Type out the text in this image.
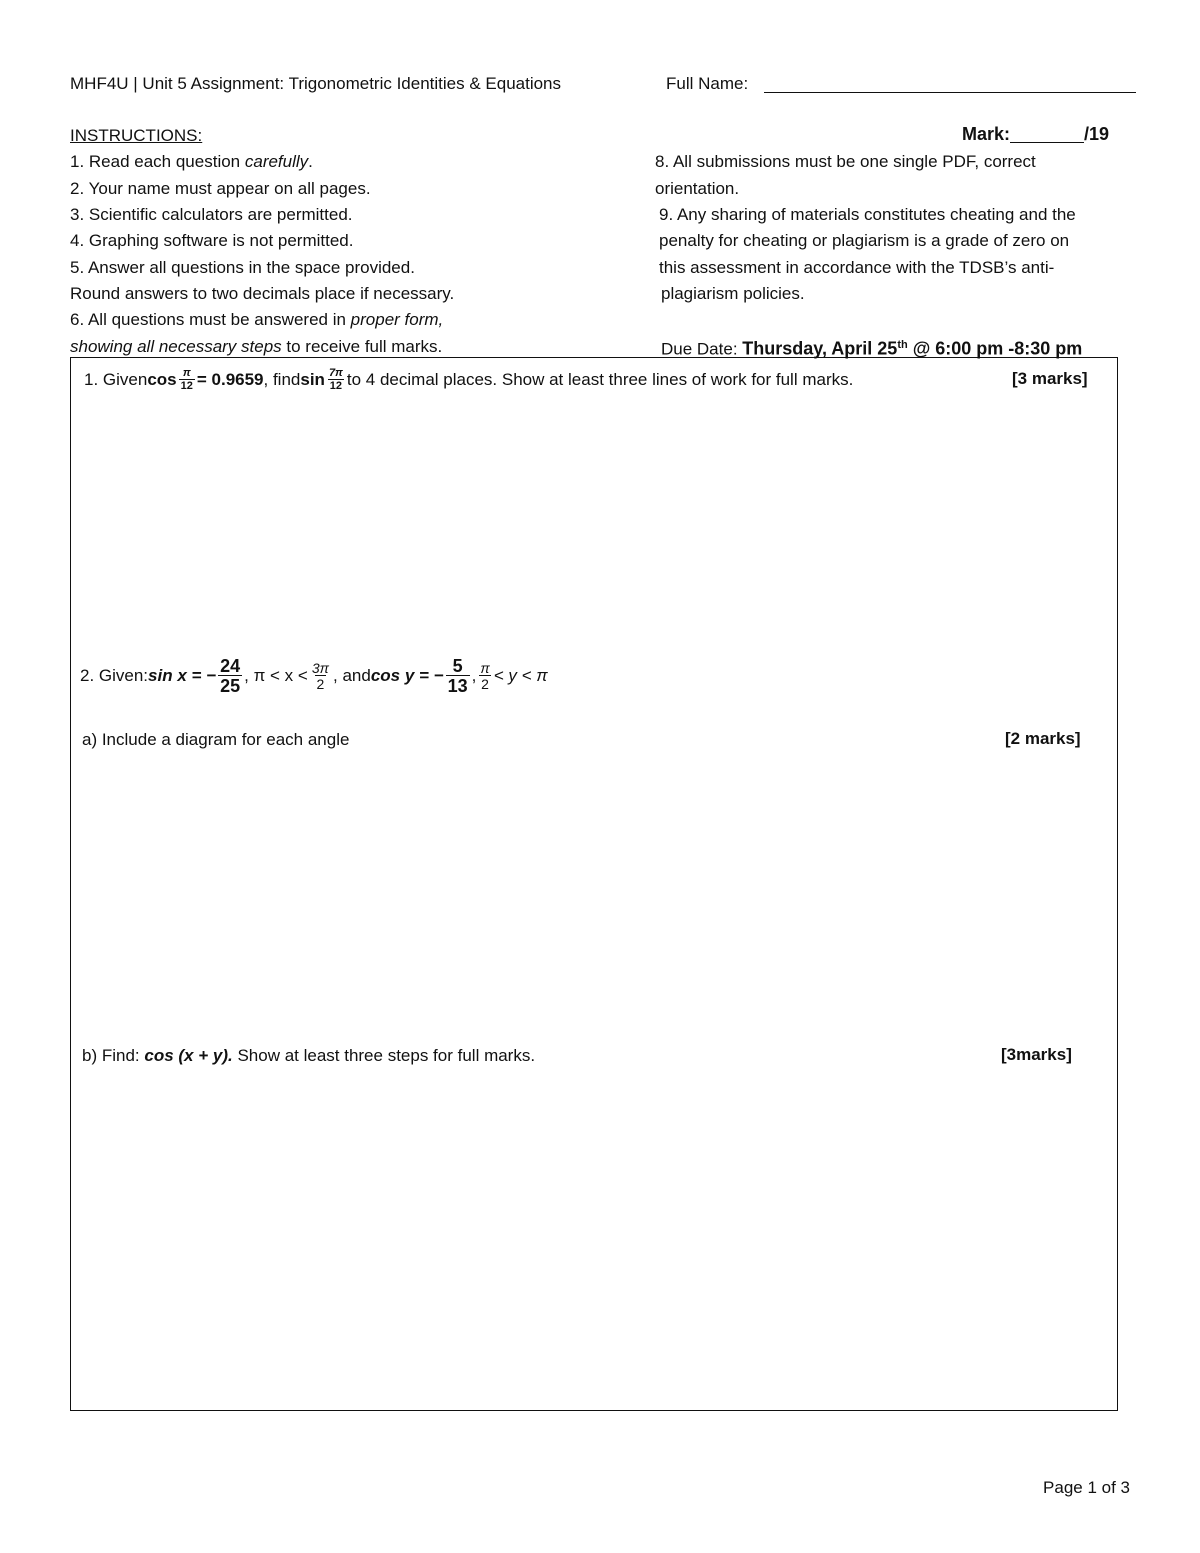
MHF4U | Unit 5 Assignment: Trigonometric Identities & Equations	Full Name:
INSTRUCTIONS:	Mark:	/19
1. Read each question carefully.
2. Your name must appear on all pages.
3. Scientific calculators are permitted.
4. Graphing software is not permitted.
5. Answer all questions in the space provided.
Round answers to two decimals place if necessary.
6. All questions must be answered in proper form,
showing all necessary steps to receive full marks.
8. All submissions must be one single PDF, correct
orientation.
9. Any sharing of materials constitutes cheating and the
penalty for cheating or plagiarism is a grade of zero on
this assessment in accordance with the TDSB’s anti-
plagiarism policies.
Due Date: Thursday, April 25th @ 6:00 pm -8:30 pm
1. Given $\cos \frac{\pi}{12} = 0.9659$ , find $\sin \frac{7\pi}{12}$ to 4 decimal places. Show at least three lines of work for full marks.	[3 marks]
2. Given: sin x = − $\frac{24}{25}$ , $\pi < x < \frac{3\pi}{2}$ , and cos y = − $\frac{5}{13}$ , $\frac{\pi}{2} < y < \pi$
a) Include a diagram for each angle	[2 marks]
b) Find: cos (x + y). Show at least three steps for full marks.	[3marks]
Page 1 of 3
